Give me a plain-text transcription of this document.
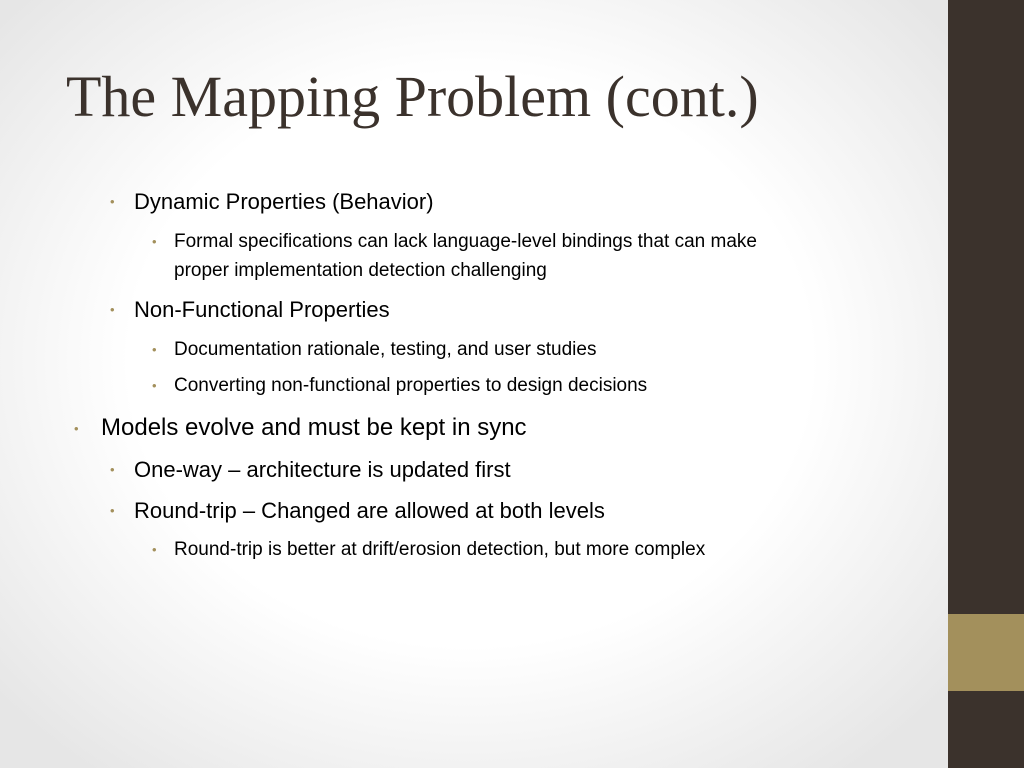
The Mapping Problem (cont.)
• Dynamic Properties (Behavior)
• Formal specifications can lack language-level bindings that can make
proper implementation detection challenging
• Non-Functional Properties
• Documentation rationale, testing, and user studies
• Converting non-functional properties to design decisions
• Models evolve and must be kept in sync
• One-way – architecture is updated first
• Round-trip – Changed are allowed at both levels
• Round-trip is better at drift/erosion detection, but more complex
